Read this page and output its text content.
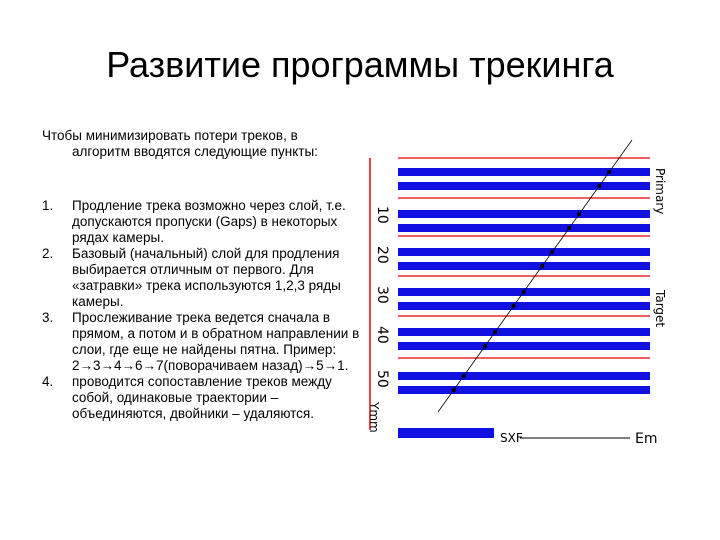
Развитие программы трекинга
Чтобы минимизировать потери треков, в
алгоритм вводятся следующие пункты:
1.	Продление трека возможно через слой, т.е. допускаются пропуски (Gaps) в некоторых рядах камеры.
2.	Базовый (начальный) слой для продления выбирается отличным от первого. Для «затравки» трека используются 1,2,3 ряды камеры.
3.	Прослеживание трека ведется сначала в прямом, а потом и в обратном направлении в слои, где еще не найдены пятна. Пример: 2→3→4→6→7(поворачиваем назад)→5→1.
4.	проводится сопоставление треков между собой, одинаковые траектории – объединяются, двойники – удаляются.
SXF	Em
10
20
30
40
50
Ymm
Primary
Target
